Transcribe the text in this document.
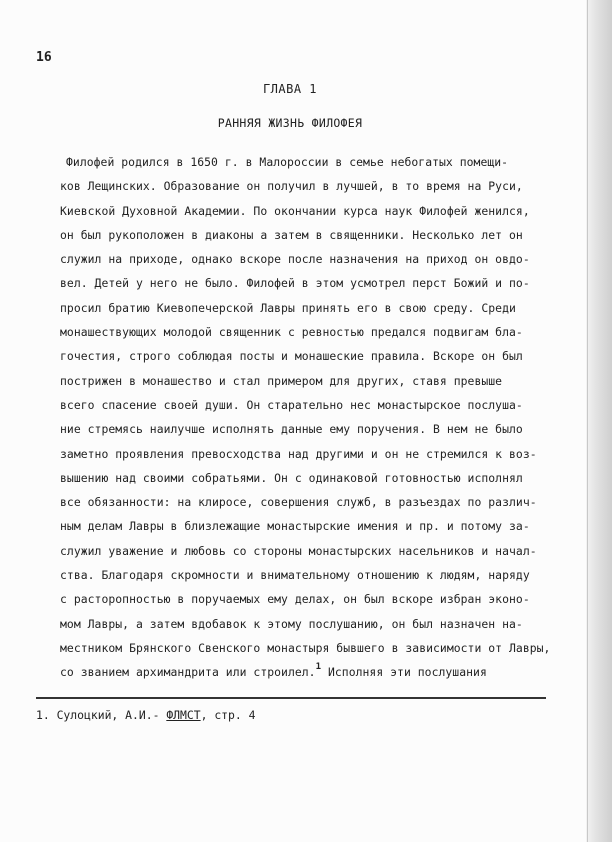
16
ГЛАВА 1
РАННЯЯ ЖИЗНЬ ФИЛОФЕЯ
Филофей родился в 1650 г. в Малороссии в семье небогатых помещи-
ков Лещинских. Образование он получил в лучшей, в то время на Руси,
Киевской Духовной Академии. По окончании курса наук Филофей женился,
он был рукоположен в диаконы а затем в священники. Несколько лет он
служил на приходе, однако вскоре после назначения на приход он овдо-
вел. Детей у него не было. Филофей в этом усмотрел перст Божий и по-
просил братию Киевопечерской Лавры принять его в свою среду. Среди
монашествующих молодой священник с ревностью предался подвигам бла-
гочестия, строго соблюдая посты и монашеские правила. Вскоре он был
пострижен в монашество и стал примером для других, ставя превыше
всего спасение своей души. Он старательно нес монастырское послуша-
ние стремясь наилучше исполнять данные ему поручения. В нем не было
заметно проявления превосходства над другими и он не стремился к воз-
вышению над своими собратьями. Он с одинаковой готовностью исполнял
все обязанности: на клиросе, совершения служб, в разъездах по различ-
ным делам Лавры в близлежащие монастырские имения и пр. и потому за-
служил уважение и любовь со стороны монастырских насельников и начал-
ства. Благодаря скромности и внимательному отношению к людям, наряду
с расторопностью в поручаемых ему делах, он был вскоре избран эконо-
мом Лавры, а затем вдобавок к этому послушанию, он был назначен на-
местником Брянского Свенского монастыря бывшего в зависимости от Лавры,
со званием архимандрита или строилел.$^1$ Исполняя эти послушания
1. Сулоцкий, А.И.- ФЛМСТ, стр. 4
